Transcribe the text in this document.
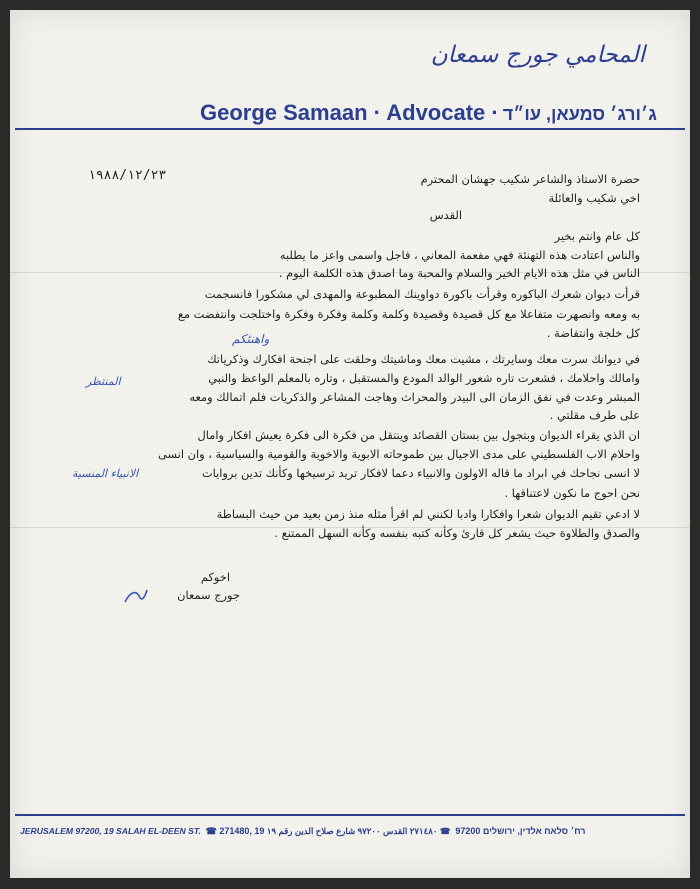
المحامي جورج سمعان
George Samaan · Advocate · ג׳ורג׳ סמעאן, עו״ד
١٩٨٨/١٢/٢٣	حضرة الاستاذ والشاعر شكيب جهشان المحترم
اخي شكيب والعائلة
القدس
كل عام وانتم بخير
والناس اعتادت هذه التهنئة فهي مفعمة المعاني ، فاجل واسمى واعز ما يطلبه
الناس في مثل هذه الايام الخير والسلام والمحبة وما اصدق هذه الكلمة اليوم .
قرأت ديوان شعرك الباكوره وقرأت باكورة دواوينك المطبوعة والمهدى لي مشكورا فانسجمت
به ومعه وانصهرت متفاعلا مع كل قصيدة وقصيدة وكلمة وكلمة وفكرة وفكرة واختلجت وانتفضت مع
كل خلجة وانتفاضة .
في ديوانك سرت معك وسايرتك ، مشيت معك وماشيتك وحلقت على اجنحة افكارك وذكرياتك
وامالك واحلامك ، فشعرت تاره شعور الوالد المودع والمستقبل ، وتاره بالمعلم الواعظ والنبي
المبشر وعدت في نفق الزمان الى البيدر والمحراث وهاجت المشاعر والذكريات فلم اتمالك ومعه
على طرف مقلتي .
ان الذي يقراء الديوان وبتجول بين بستان القصائد وينتقل من فكرة الى فكرة يعيش افكار وامال
واحلام الاب الفلسطيني على مدى الاجيال بين طموحاته الابوية والاخوية والقومية والسياسية ، وان انسى
لا انسى نجاحك في ابراد ما قاله الاولون والانبياء دعما لافكار تريد ترسيخها وكأنك تدين بروايات
نحن احوج ما نكون لاعتناقها .
لا ادعي تقيم الديوان شعرا وافكارا وادبا لكنني لم اقرأ مثله منذ زمن بعيد من حيث البساطة
والصدق والطلاوة حيث يشعر كل قارئ وكأنه كتبه بنفسه وكأنه السهل الممتنع .
واهنئكم
المنتظر
الانبياء المنسية
اخوكم
جورج سمعان
JERUSALEM 97200, 19 SALAH EL-DEEN ST. ☎ 271480, 19 רח׳ סלאח אלדין, ירושלים 97200  ☎ ٢٧١٤٨٠ القدس ٩٧٢٠٠ شارع صلاح الدين رقم ١٩
